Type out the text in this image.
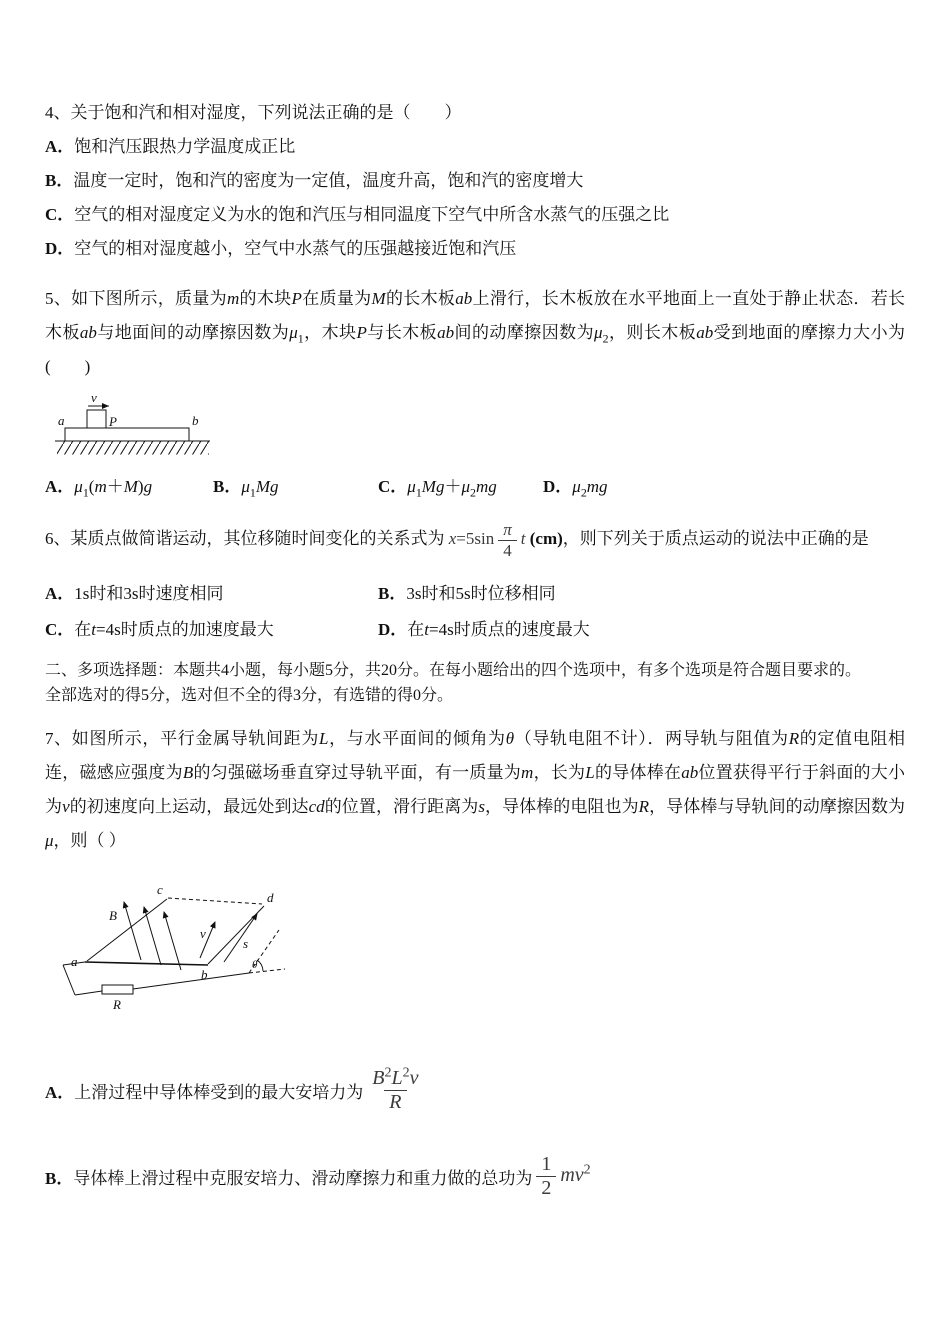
4、关于饱和汽和相对湿度，下列说法正确的是（　　）

A．饱和汽压跟热力学温度成正比

B．温度一定时，饱和汽的密度为一定值，温度升高，饱和汽的密度增大

C．空气的相对湿度定义为水的饱和汽压与相同温度下空气中所含水蒸气的压强之比

D．空气的相对湿度越小，空气中水蒸气的压强越接近饱和汽压

5、如下图所示，质量为m的木块P在质量为M的长木板ab上滑行，长木板放在水平地面上一直处于静止状态．若长木板ab与地面间的动摩擦因数为$\mu_1$，木块P与长木板ab间的动摩擦因数为$\mu_2$，则长木板ab受到地面的摩擦力大小为(　　)

v
P
a	b
A．$\mu_1(m+M)g$	B．$\mu_1Mg$	C．$\mu_1Mg+\mu_2mg$	D．$\mu_2mg$

6、某质点做简谐运动，其位移随时间变化的关系式为 $x=5\sin \frac{\pi}{4}$ t (cm)，则下列关于质点运动的说法中正确的是

A．1s时和3s时速度相同	B．3s时和5s时位移相同
C．在t=4s时质点的加速度最大	D．在t=4s时质点的速度最大
二、多项选择题：本题共4小题，每小题5分，共20分。在每小题给出的四个选项中，有多个选项是符合题目要求的。
全部选对的得5分，选对但不全的得3分，有选错的得0分。

7、如图所示，平行金属导轨间距为L，与水平面间的倾角为θ（导轨电阻不计）．两导轨与阻值为R的定值电阻相连，磁感应强度为B的匀强磁场垂直穿过导轨平面，有一质量为m，长为L的导体棒在ab位置获得平行于斜面的大小为v的初速度向上运动，最远处到达cd的位置，滑行距离为s，导体棒的电阻也为R，导体棒与导轨间的动摩擦因数为μ，则（ ）

B
c
d
a
b
v
s
θ
R
A．上滑过程中导体棒受到的最大安培力为 $\frac{B^2L^2v}{R}$
B．导体棒上滑过程中克服安培力、滑动摩擦力和重力做的总功为 $\frac{1}{2} mv^2$
